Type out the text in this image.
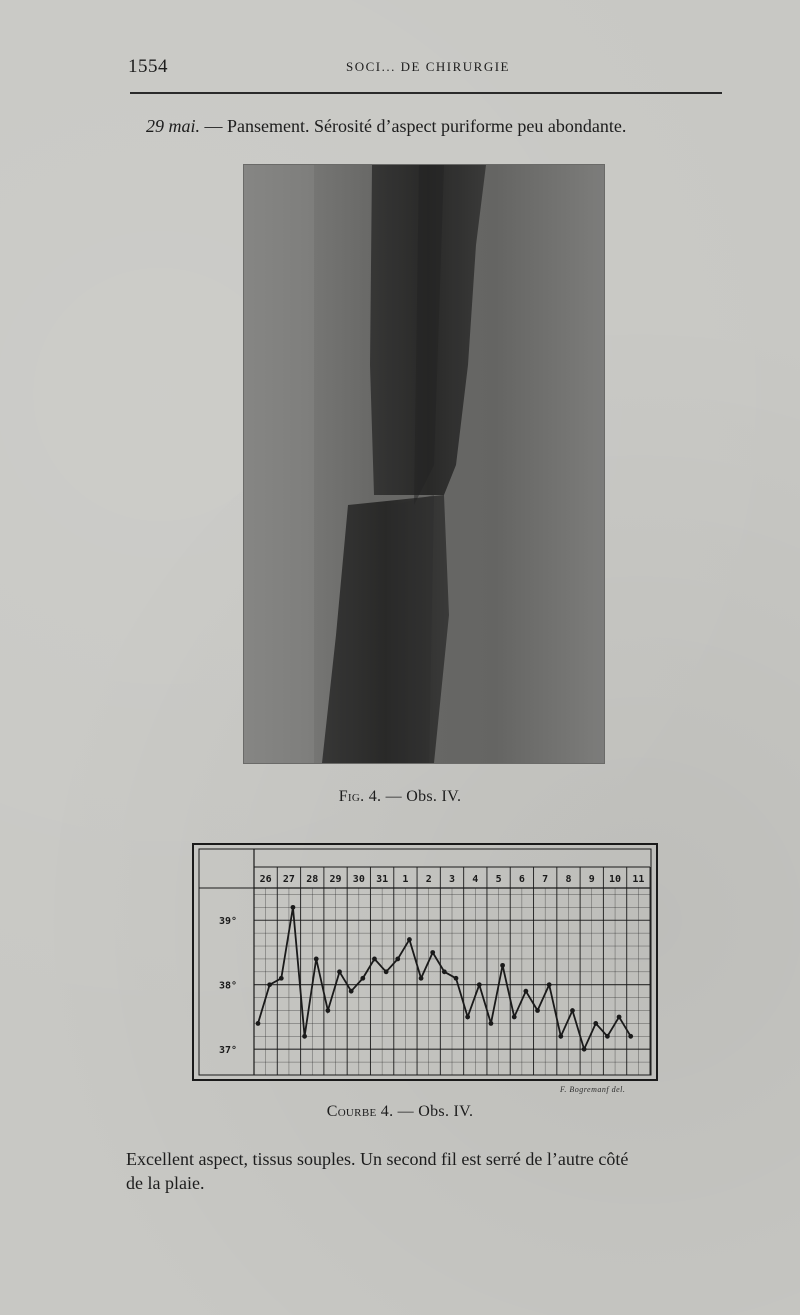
1554	SOCI... DE CHIRURGIE
29 mai. — Pansement. Sérosité d’aspect puriforme peu abondante.
Fig. 4. — Obs. IV.
26 27 28 29 30 31 1 2 3 4 5 6 7 8 9 10 11
39°
38°
37°
F. Bogremanf del.
Courbe 4. — Obs. IV.
Excellent aspect, tissus souples. Un second fil est serré de l’autre côté
de la plaie.
